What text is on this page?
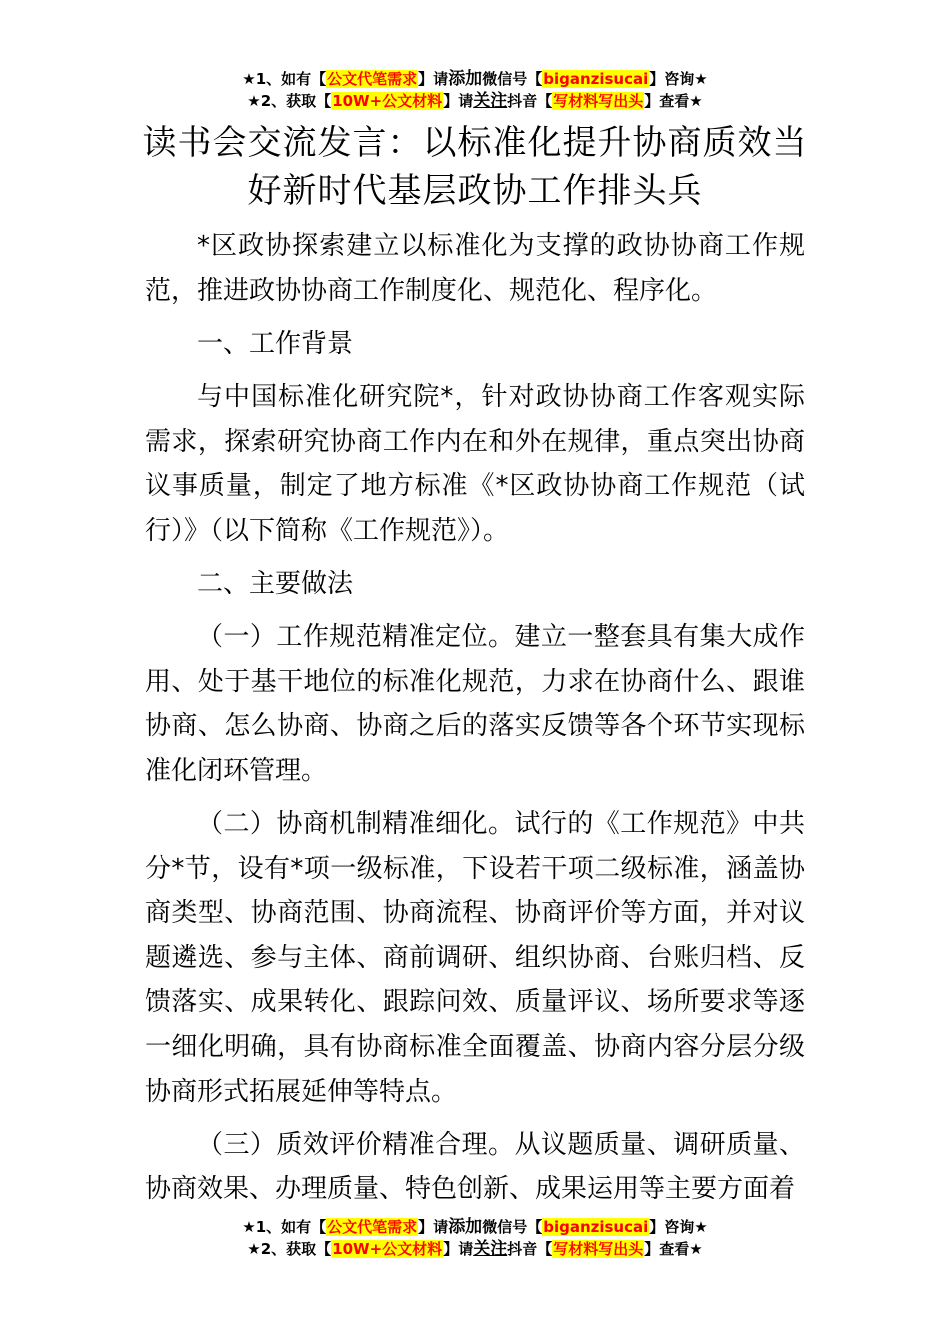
★1、如有【公文代笔需求】请添加微信号【biganzisucai】咨询★
★2、获取【10W+公文材料】请关注抖音【写材料写出头】查看★
读书会交流发言：以标准化提升协商质效当
好新时代基层政协工作排头兵

*区政协探索建立以标准化为支撑的政协协商工作规范，推进政协协商工作制度化、规范化、程序化。

一、工作背景

与中国标准化研究院*，针对政协协商工作客观实际需求，探索研究协商工作内在和外在规律，重点突出协商议事质量，制定了地方标准《*区政协协商工作规范（试行）》（以下简称《工作规范》）。

二、主要做法

（一）工作规范精准定位。建立一整套具有集大成作用、处于基干地位的标准化规范，力求在协商什么、跟谁协商、怎么协商、协商之后的落实反馈等各个环节实现标准化闭环管理。

（二）协商机制精准细化。试行的《工作规范》中共分*节，设有*项一级标准，下设若干项二级标准，涵盖协商类型、协商范围、协商流程、协商评价等方面，并对议题遴选、参与主体、商前调研、组织协商、台账归档、反馈落实、成果转化、跟踪问效、质量评议、场所要求等逐一细化明确，具有协商标准全面覆盖、协商内容分层分级协商形式拓展延伸等特点。

（三）质效评价精准合理。从议题质量、调研质量、协商效果、办理质量、特色创新、成果运用等主要方面着

★1、如有【公文代笔需求】请添加微信号【biganzisucai】咨询★
★2、获取【10W+公文材料】请关注抖音【写材料写出头】查看★
